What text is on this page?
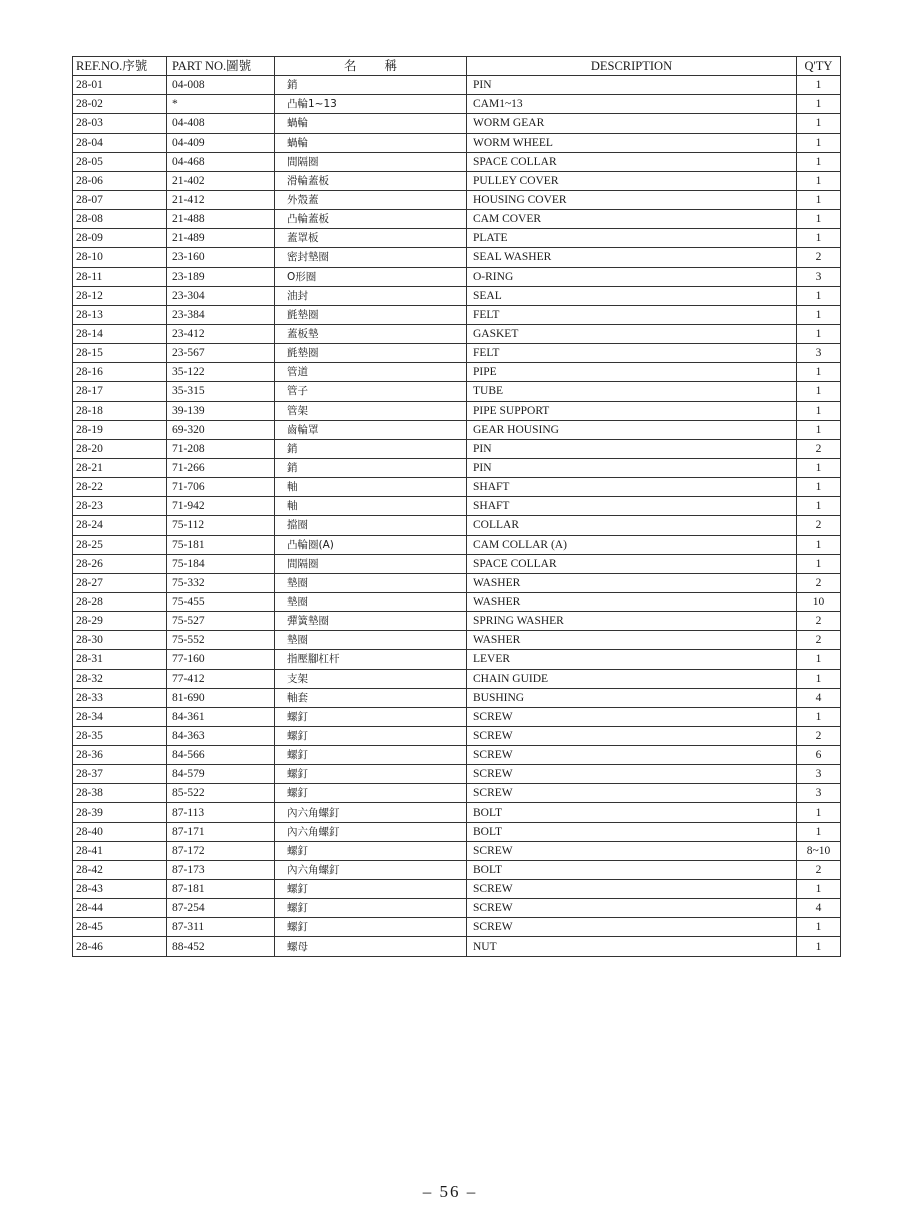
REF.NO.序號	PART NO.圖號	名稱	DESCRIPTION	Q'TY
28-01	04-008	銷	PIN	1
28-02	*	凸輪1~13	CAM1~13	1
28-03	04-408	蝸輪	WORM GEAR	1
28-04	04-409	蝸輪	WORM WHEEL	1
28-05	04-468	間隔圈	SPACE COLLAR	1
28-06	21-402	滑輪蓋板	PULLEY COVER	1
28-07	21-412	外殼蓋	HOUSING COVER	1
28-08	21-488	凸輪蓋板	CAM COVER	1
28-09	21-489	蓋罩板	PLATE	1
28-10	23-160	密封墊圈	SEAL WASHER	2
28-11	23-189	O形圈	O-RING	3
28-12	23-304	油封	SEAL	1
28-13	23-384	氈墊圈	FELT	1
28-14	23-412	蓋板墊	GASKET	1
28-15	23-567	氈墊圈	FELT	3
28-16	35-122	管道	PIPE	1
28-17	35-315	管子	TUBE	1
28-18	39-139	管架	PIPE SUPPORT	1
28-19	69-320	齒輪罩	GEAR HOUSING	1
28-20	71-208	銷	PIN	2
28-21	71-266	銷	PIN	1
28-22	71-706	軸	SHAFT	1
28-23	71-942	軸	SHAFT	1
28-24	75-112	擋圈	COLLAR	2
28-25	75-181	凸輪圈(A)	CAM COLLAR (A)	1
28-26	75-184	間隔圈	SPACE COLLAR	1
28-27	75-332	墊圈	WASHER	2
28-28	75-455	墊圈	WASHER	10
28-29	75-527	彈簧墊圈	SPRING WASHER	2
28-30	75-552	墊圈	WASHER	2
28-31	77-160	指壓腳杠杆	LEVER	1
28-32	77-412	支架	CHAIN GUIDE	1
28-33	81-690	軸套	BUSHING	4
28-34	84-361	螺釘	SCREW	1
28-35	84-363	螺釘	SCREW	2
28-36	84-566	螺釘	SCREW	6
28-37	84-579	螺釘	SCREW	3
28-38	85-522	螺釘	SCREW	3
28-39	87-113	內六角螺釘	BOLT	1
28-40	87-171	內六角螺釘	BOLT	1
28-41	87-172	螺釘	SCREW	8~10
28-42	87-173	內六角螺釘	BOLT	2
28-43	87-181	螺釘	SCREW	1
28-44	87-254	螺釘	SCREW	4
28-45	87-311	螺釘	SCREW	1
28-46	88-452	螺母	NUT	1
– 56 –
